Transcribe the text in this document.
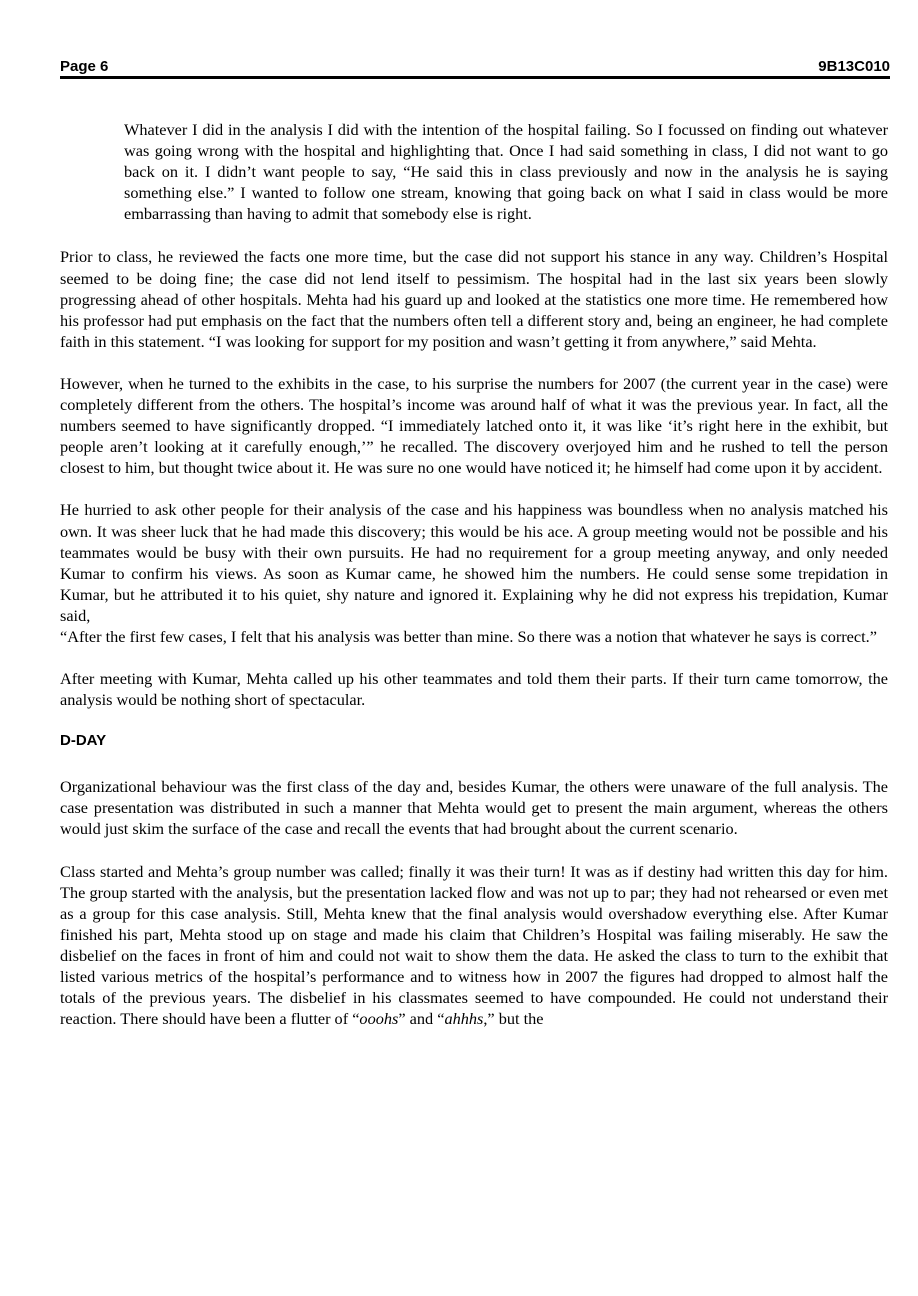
Page 6	9B13C010

Whatever I did in the analysis I did with the intention of the hospital failing. So I focussed on finding out whatever was going wrong with the hospital and highlighting that. Once I had said something in class, I did not want to go back on it. I didn’t want people to say, “He said this in class previously and now in the analysis he is saying something else.” I wanted to follow one stream, knowing that going back on what I said in class would be more embarrassing than having to admit that somebody else is right.

Prior to class, he reviewed the facts one more time, but the case did not support his stance in any way. Children’s Hospital seemed to be doing fine; the case did not lend itself to pessimism. The hospital had in the last six years been slowly progressing ahead of other hospitals. Mehta had his guard up and looked at the statistics one more time. He remembered how his professor had put emphasis on the fact that the numbers often tell a different story and, being an engineer, he had complete faith in this statement. “I was looking for support for my position and wasn’t getting it from anywhere,” said Mehta.

However, when he turned to the exhibits in the case, to his surprise the numbers for 2007 (the current year in the case) were completely different from the others. The hospital’s income was around half of what it was the previous year. In fact, all the numbers seemed to have significantly dropped. “I immediately latched onto it, it was like ‘it’s right here in the exhibit, but people aren’t looking at it carefully enough,’” he recalled. The discovery overjoyed him and he rushed to tell the person closest to him, but thought twice about it. He was sure no one would have noticed it; he himself had come upon it by accident.

He hurried to ask other people for their analysis of the case and his happiness was boundless when no analysis matched his own. It was sheer luck that he had made this discovery; this would be his ace. A group meeting would not be possible and his teammates would be busy with their own pursuits. He had no requirement for a group meeting anyway, and only needed Kumar to confirm his views. As soon as Kumar came, he showed him the numbers. He could sense some trepidation in Kumar, but he attributed it to his quiet, shy nature and ignored it. Explaining why he did not express his trepidation, Kumar said,
“After the first few cases, I felt that his analysis was better than mine. So there was a notion that whatever he says is correct.”

After meeting with Kumar, Mehta called up his other teammates and told them their parts. If their turn came tomorrow, the analysis would be nothing short of spectacular.

D-DAY

Organizational behaviour was the first class of the day and, besides Kumar, the others were unaware of the full analysis. The case presentation was distributed in such a manner that Mehta would get to present the main argument, whereas the others would just skim the surface of the case and recall the events that had brought about the current scenario.

Class started and Mehta’s group number was called; finally it was their turn! It was as if destiny had written this day for him. The group started with the analysis, but the presentation lacked flow and was not up to par; they had not rehearsed or even met as a group for this case analysis. Still, Mehta knew that the final analysis would overshadow everything else. After Kumar finished his part, Mehta stood up on stage and made his claim that Children’s Hospital was failing miserably. He saw the disbelief on the faces in front of him and could not wait to show them the data. He asked the class to turn to the exhibit that listed various metrics of the hospital’s performance and to witness how in 2007 the figures had dropped to almost half the totals of the previous years. The disbelief in his classmates seemed to have compounded. He could not understand their reaction. There should have been a flutter of “ooohs” and “ahhhs,” but the
